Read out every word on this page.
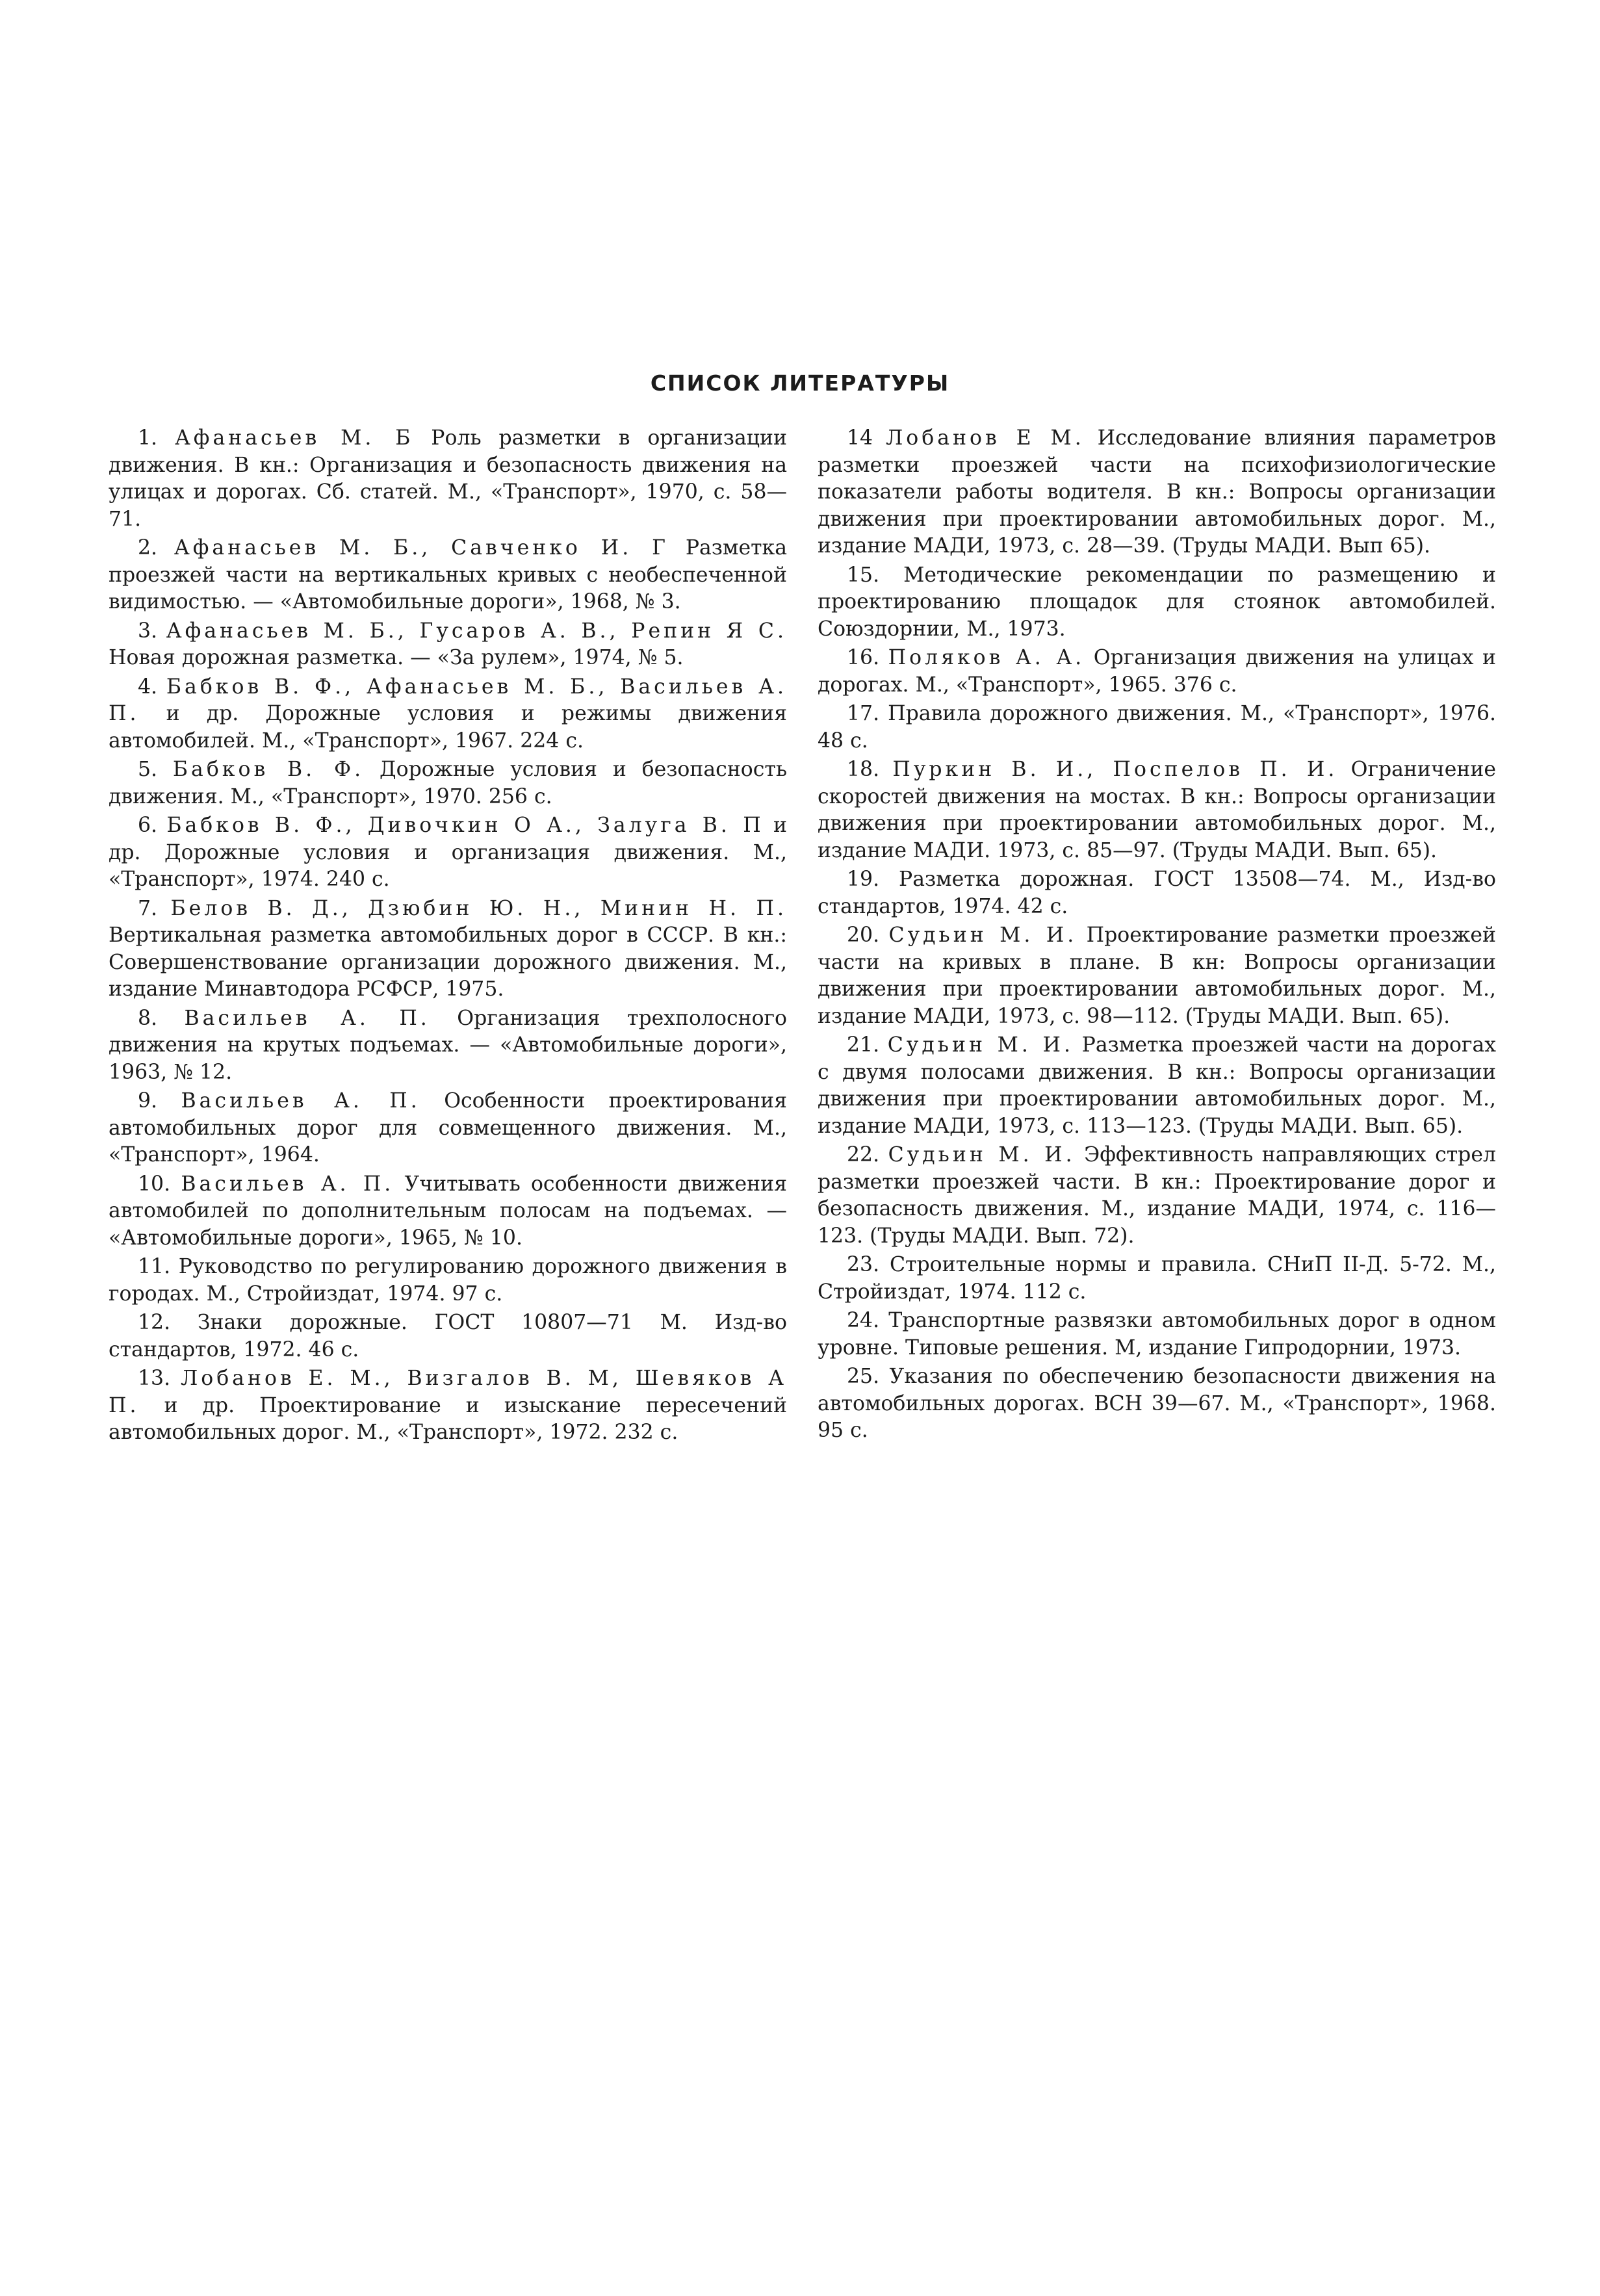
СПИСОК ЛИТЕРАТУРЫ

1. Афанасьев М. Б Роль разметки в организации движения. В кн.: Организация и безопасность движения на улицах и дорогах. Сб. статей. М., «Транспорт», 1970, с. 58—71.

2. Афанасьев М. Б., Савченко И. Г Разметка проезжей части на вертикальных кривых с необеспеченной видимостью. — «Автомобильные дороги», 1968, № 3.

3. Афанасьев М. Б., Гусаров А. В., Репин Я С. Новая дорожная разметка. — «За рулем», 1974, № 5.

4. Бабков В. Ф., Афанасьев М. Б., Васильев А. П. и др. Дорожные условия и режимы движения автомобилей. М., «Транспорт», 1967. 224 с.

5. Бабков В. Ф. Дорожные условия и безопасность движения. М., «Транспорт», 1970. 256 с.

6. Бабков В. Ф., Дивочкин О А., Залуга В. П и др. Дорожные условия и организация движения. М., «Транспорт», 1974. 240 с.

7. Белов В. Д., Дзюбин Ю. Н., Минин Н. П. Вертикальная разметка автомобильных дорог в СССР. В кн.: Совершенствование организации дорожного движения. М., издание Минавтодора РСФСР, 1975.

8. Васильев А. П. Организация трехполосного движения на крутых подъемах. — «Автомобильные дороги», 1963, № 12.

9. Васильев А. П. Особенности проектирования автомобильных дорог для совмещенного движения. М., «Транспорт», 1964.

10. Васильев А. П. Учитывать особенности движения автомобилей по дополнительным полосам на подъемах. — «Автомобильные дороги», 1965, № 10.

11. Руководство по регулированию дорожного движения в городах. М., Стройиздат, 1974. 97 с.

12. Знаки дорожные. ГОСТ 10807—71 М. Изд-во стандартов, 1972. 46 с.

13. Лобанов Е. М., Визгалов В. М, Шевяков А П. и др. Проектирование и изыскание пересечений автомобильных дорог. М., «Транспорт», 1972. 232 с.

14 Лобанов Е М. Исследование влияния параметров разметки проезжей части на психофизиологические показатели работы водителя. В кн.: Вопросы организации движения при проектировании автомобильных дорог. М., издание МАДИ, 1973, с. 28—39. (Труды МАДИ. Вып 65).

15. Методические рекомендации по размещению и проектированию площадок для стоянок автомобилей. Союздорнии, М., 1973.

16. Поляков А. А. Организация движения на улицах и дорогах. М., «Транспорт», 1965. 376 с.

17. Правила дорожного движения. М., «Транспорт», 1976. 48 с.

18. Пуркин В. И., Поспелов П. И. Ограничение скоростей движения на мостах. В кн.: Вопросы организации движения при проектировании автомобильных дорог. М., издание МАДИ. 1973, с. 85—97. (Труды МАДИ. Вып. 65).

19. Разметка дорожная. ГОСТ 13508—74. М., Изд-во стандартов, 1974. 42 с.

20. Судьин М. И. Проектирование разметки проезжей части на кривых в плане. В кн: Вопросы организации движения при проектировании автомобильных дорог. М., издание МАДИ, 1973, с. 98—112. (Труды МАДИ. Вып. 65).

21. Судьин М. И. Разметка проезжей части на дорогах с двумя полосами движения. В кн.: Вопросы организации движения при проектировании автомобильных дорог. М., издание МАДИ, 1973, с. 113—123. (Труды МАДИ. Вып. 65).

22. Судьин М. И. Эффективность направляющих стрел разметки проезжей части. В кн.: Проектирование дорог и безопасность движения. М., издание МАДИ, 1974, с. 116—123. (Труды МАДИ. Вып. 72).

23. Строительные нормы и правила. СНиП II-Д. 5-72. М., Стройиздат, 1974. 112 с.

24. Транспортные развязки автомобильных дорог в одном уровне. Типовые решения. М, издание Гипродорнии, 1973.

25. Указания по обеспечению безопасности движения на автомобильных дорогах. ВСН 39—67. М., «Транспорт», 1968. 95 с.
